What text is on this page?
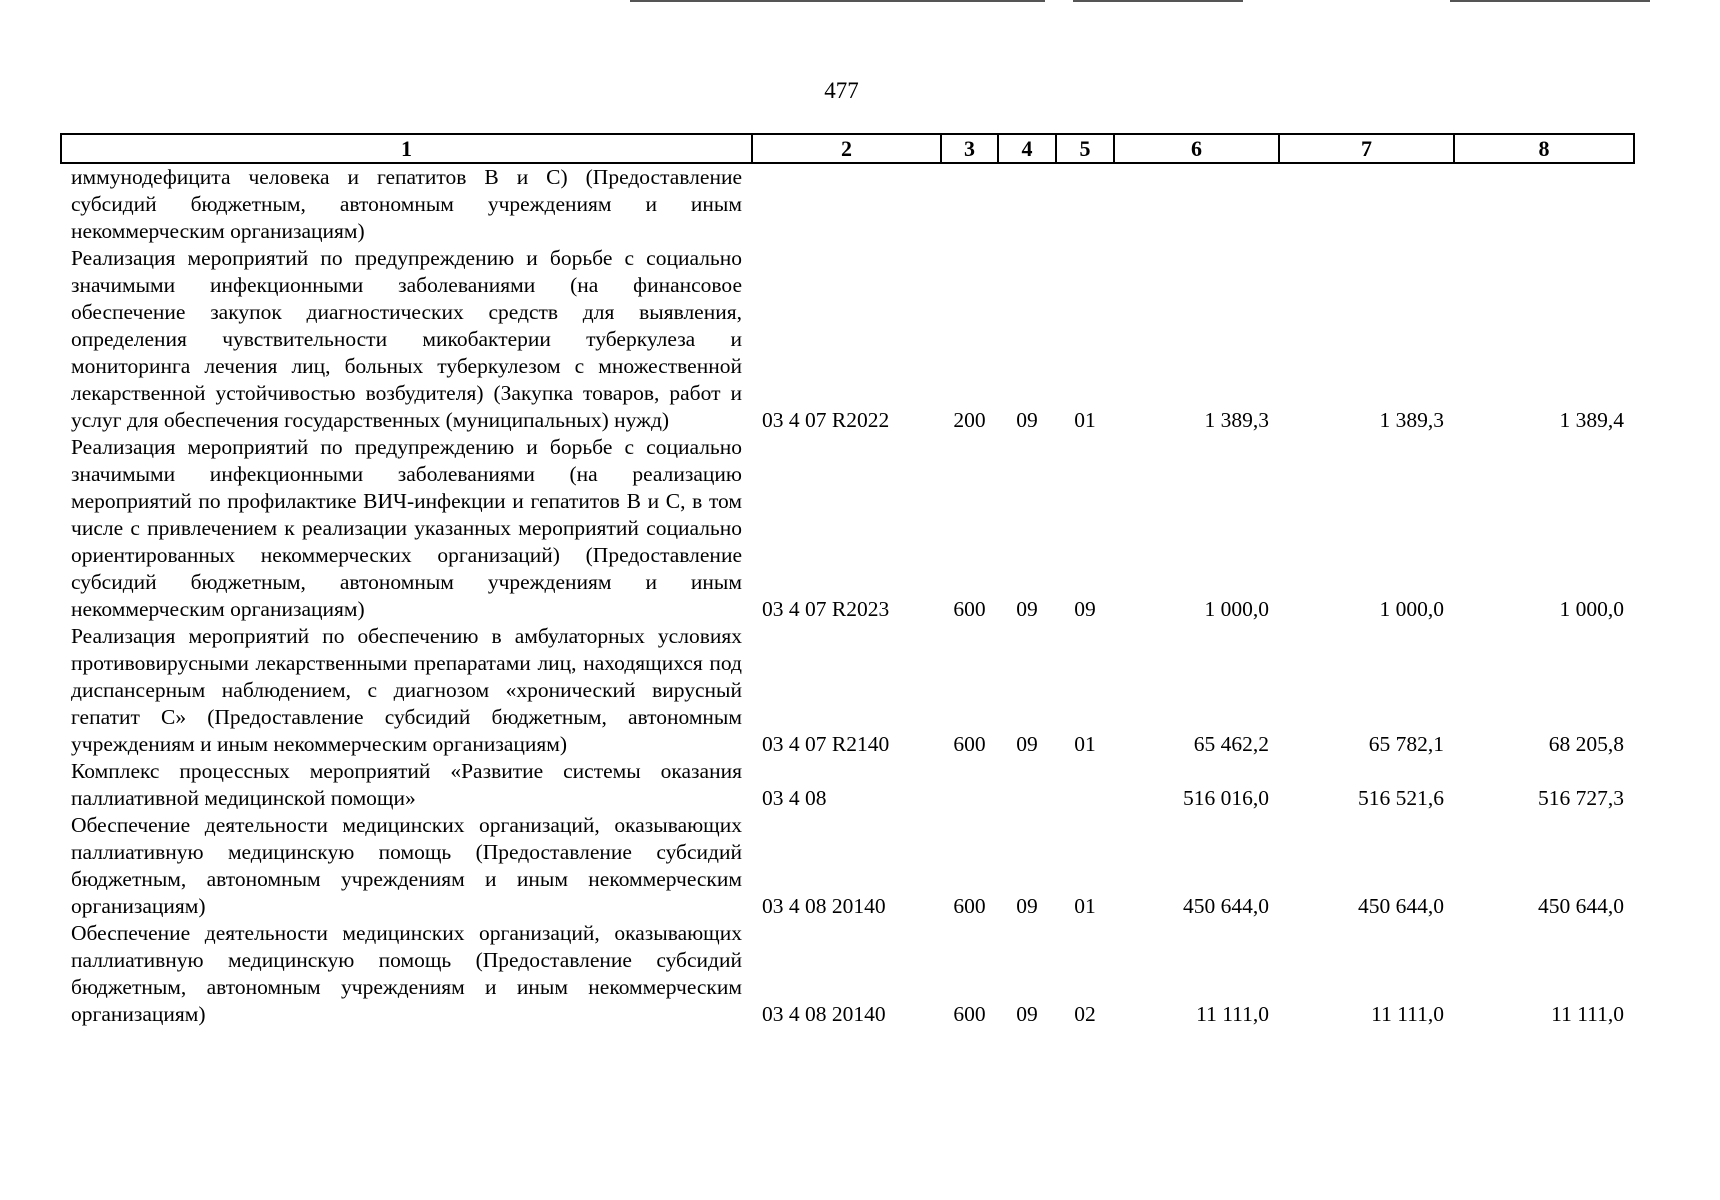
477
1	2	3	4	5	6	7	8
иммунодефицита человека и гепатитов В и С) (Предоставление субсидий бюджетным, автономным учреждениям и иным некоммерческим организациям)							
Реализация мероприятий по предупреждению и борьбе с социально значимыми инфекционными заболеваниями (на финансовое обеспечение закупок диагностических средств для выявления, определения чувствительности микобактерии туберкулеза и мониторинга лечения лиц, больных туберкулезом с множественной лекарственной устойчивостью возбудителя) (Закупка товаров, работ и услуг для обеспечения государственных (муниципальных) нужд)	03 4 07 R2022	200	09	01	1 389,3	1 389,3	1 389,4
Реализация мероприятий по предупреждению и борьбе с социально значимыми инфекционными заболеваниями (на реализацию мероприятий по профилактике ВИЧ-инфекции и гепатитов В и С, в том числе с привлечением к реализации указанных мероприятий социально ориентированных некоммерческих организаций) (Предоставление субсидий бюджетным, автономным учреждениям и иным некоммерческим организациям)	03 4 07 R2023	600	09	09	1 000,0	1 000,0	1 000,0
Реализация мероприятий по обеспечению в амбулаторных условиях противовирусными лекарственными препаратами лиц, находящихся под диспансерным наблюдением, с диагнозом «хронический вирусный гепатит С» (Предоставление субсидий бюджетным, автономным учреждениям и иным некоммерческим организациям)	03 4 07 R2140	600	09	01	65 462,2	65 782,1	68 205,8
Комплекс процессных мероприятий «Развитие системы оказания паллиативной медицинской помощи»	03 4 08				516 016,0	516 521,6	516 727,3
Обеспечение деятельности медицинских организаций, оказывающих паллиативную медицинскую помощь (Предоставление субсидий бюджетным, автономным учреждениям и иным некоммерческим организациям)	03 4 08 20140	600	09	01	450 644,0	450 644,0	450 644,0
Обеспечение деятельности медицинских организаций, оказывающих паллиативную медицинскую помощь (Предоставление субсидий бюджетным, автономным учреждениям и иным некоммерческим организациям)	03 4 08 20140	600	09	02	11 111,0	11 111,0	11 111,0
